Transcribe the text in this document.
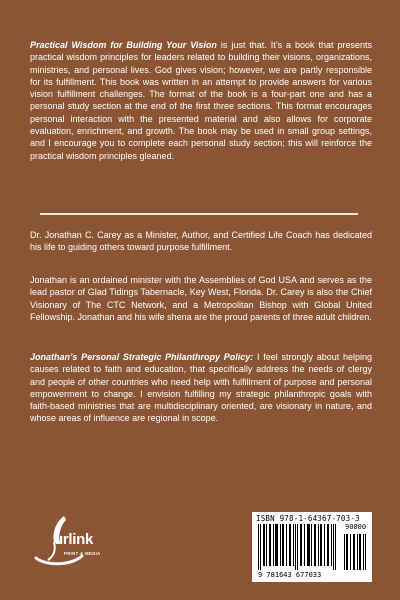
Practical Wisdom for Building Your Vision is just that. It’s a book that presents practical wisdom principles for leaders related to building their visions, organizations, ministries, and personal lives. God gives vision; however, we are partly responsible for its fulfillment. This book was written in an attempt to provide answers for various vision fulfillment challenges. The format of the book is a four-part one and has a personal study section at the end of the first three sections. This format encourages personal interaction with the presented material and also allows for corporate evaluation, enrichment, and growth. The book may be used in small group settings, and I encourage you to complete each personal study section; this will reinforce the practical wisdom principles gleaned.

Dr. Jonathan C. Carey as a Minister, Author, and Certified Life Coach has dedicated his life to guiding others toward purpose fulfillment.

Jonathan is an ordained minister with the Assemblies of God USA and serves as the lead pastor of Glad Tidings Tabernacle, Key West, Florida. Dr. Carey is also the Chief Visionary of The CTC Network, and a Metropolitan Bishop with Global United Fellowship. Jonathan and his wife shena are the proud parents of three adult children.

Jonathan’s Personal Strategic Philanthropy Policy: I feel strongly about helping causes related to faith and education, that specifically address the needs of clergy and people of other countries who need help with fulfillment of purpose and personal empowerment to change. I envision fulfilling my strategic philanthropic goals with faith-based ministries that are multidisciplinary oriented, are visionary in nature, and whose areas of influence are regional in scope.

urlink
PRINT & MEDIA
ISBN 978-1-64367-703-3
90000
9 781643 677033
